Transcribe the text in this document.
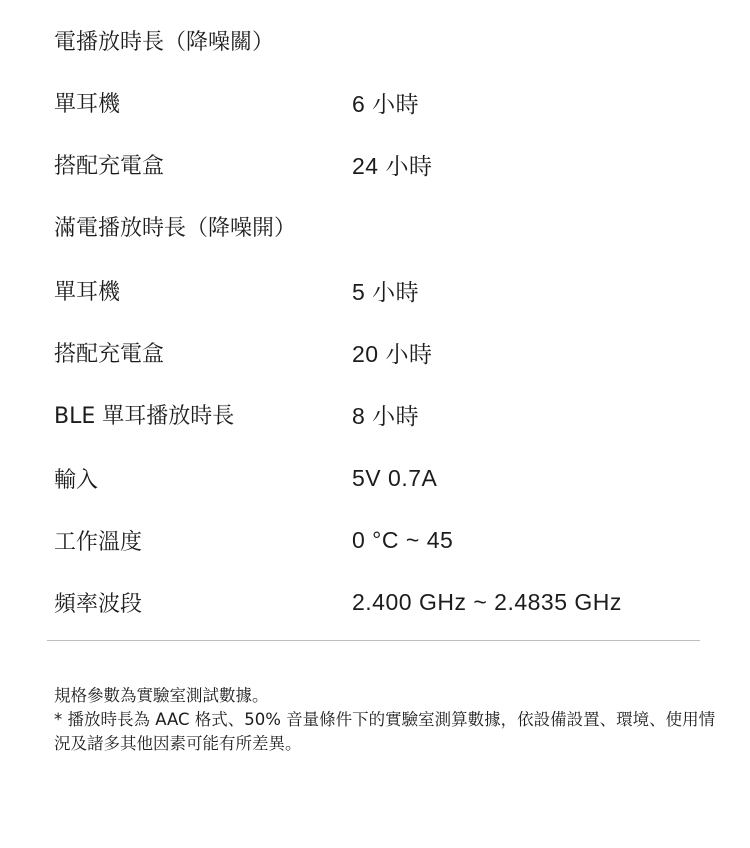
電播放時長（降噪關）
單耳機	6 小時
搭配充電盒	24 小時
滿電播放時長（降噪開）
單耳機	5 小時
搭配充電盒	20 小時
BLE 單耳播放時長	8 小時
輸入	5V 0.7A
工作溫度	0 °C ~ 45
頻率波段	2.400 GHz ~ 2.4835 GHz

規格參數為實驗室測試數據。

* 播放時長為 AAC 格式、50% 音量條件下的實驗室測算數據，依設備設置、環境、使用情況及諸多其他因素可能有所差異。
